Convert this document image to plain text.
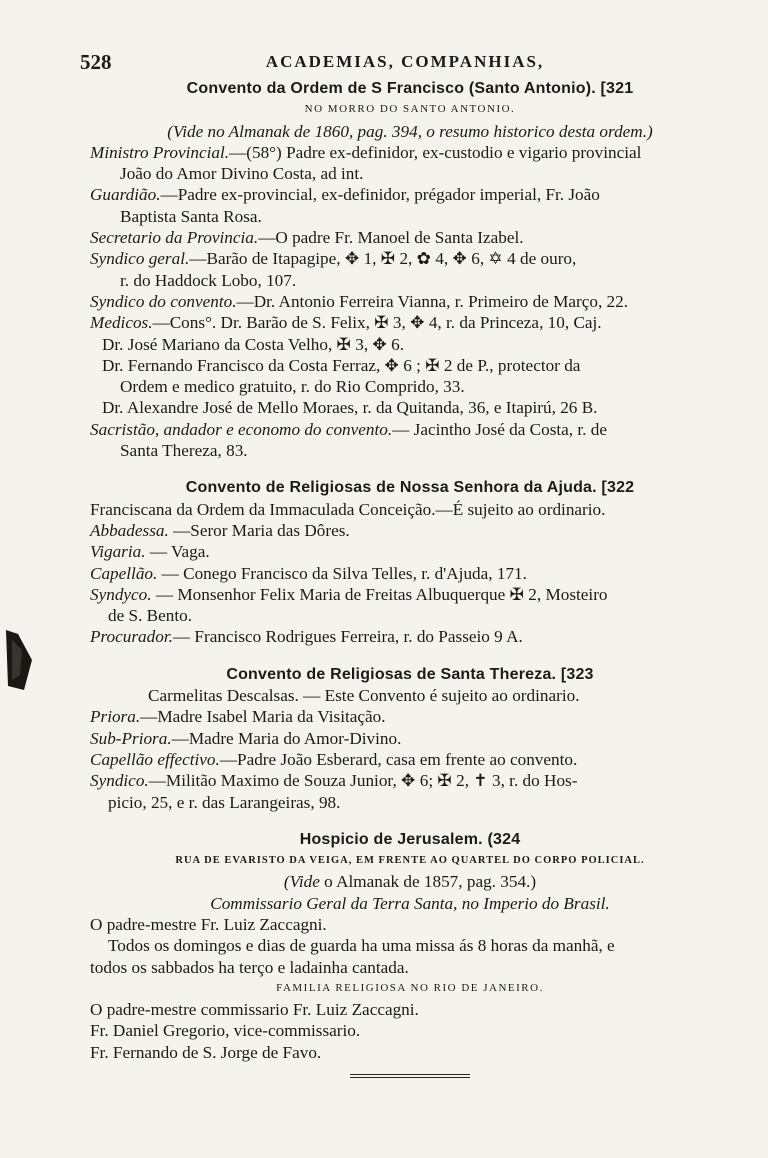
528	ACADEMIAS, COMPANHIAS,
Convento da Ordem de S Francisco (Santo Antonio). [321
NO MORRO DO SANTO ANTONIO.
(Vide no Almanak de 1860, pag. 394, o resumo historico desta ordem.)
Ministro Provincial.—(58°) Padre ex-definidor, ex-custodio e vigario provincial
João do Amor Divino Costa, ad int.
Guardião.—Padre ex-provincial, ex-definidor, prégador imperial, Fr. João
Baptista Santa Rosa.
Secretario da Provincia.—O padre Fr. Manoel de Santa Izabel.
Syndico geral.—Barão de Itapagipe, ✥ 1, ✠ 2, ✿ 4, ✥ 6, ✡ 4 de ouro,
r. do Haddock Lobo, 107.
Syndico do convento.—Dr. Antonio Ferreira Vianna, r. Primeiro de Março, 22.
Medicos.—Cons°. Dr. Barão de S. Felix, ✠ 3, ✥ 4, r. da Princeza, 10, Caj.
Dr. José Mariano da Costa Velho, ✠ 3, ✥ 6.
Dr. Fernando Francisco da Costa Ferraz, ✥ 6 ; ✠ 2 de P., protector da
Ordem e medico gratuito, r. do Rio Comprido, 33.
Dr. Alexandre José de Mello Moraes, r. da Quitanda, 36, e Itapirú, 26 B.
Sacristão, andador e economo do convento.— Jacintho José da Costa, r. de
Santa Thereza, 83.
Convento de Religiosas de Nossa Senhora da Ajuda. [322
Franciscana da Ordem da Immaculada Conceição.—É sujeito ao ordinario.
Abbadessa. —Seror Maria das Dôres.
Vigaria. — Vaga.
Capellão. — Conego Francisco da Silva Telles, r. d'Ajuda, 171.
Syndyco. — Monsenhor Felix Maria de Freitas Albuquerque ✠ 2, Mosteiro
de S. Bento.
Procurador.— Francisco Rodrigues Ferreira, r. do Passeio 9 A.
Convento de Religiosas de Santa Thereza. [323
Carmelitas Descalsas. — Este Convento é sujeito ao ordinario.
Priora.—Madre Isabel Maria da Visitação.
Sub-Priora.—Madre Maria do Amor-Divino.
Capellão effectivo.—Padre João Esberard, casa em frente ao convento.
Syndico.—Militão Maximo de Souza Junior, ✥ 6; ✠ 2, ✝ 3, r. do Hos-
picio, 25, e r. das Larangeiras, 98.
Hospicio de Jerusalem. (324
RUA DE EVARISTO DA VEIGA, EM FRENTE AO QUARTEL DO CORPO POLICIAL.
(Vide o Almanak de 1857, pag. 354.)
Commissario Geral da Terra Santa, no Imperio do Brasil.
O padre-mestre Fr. Luiz Zaccagni.
Todos os domingos e dias de guarda ha uma missa ás 8 horas da manhã, e
todos os sabbados ha terço e ladainha cantada.
FAMILIA RELIGIOSA NO RIO DE JANEIRO.
O padre-mestre commissario Fr. Luiz Zaccagni.
Fr. Daniel Gregorio, vice-commissario.
Fr. Fernando de S. Jorge de Favo.
